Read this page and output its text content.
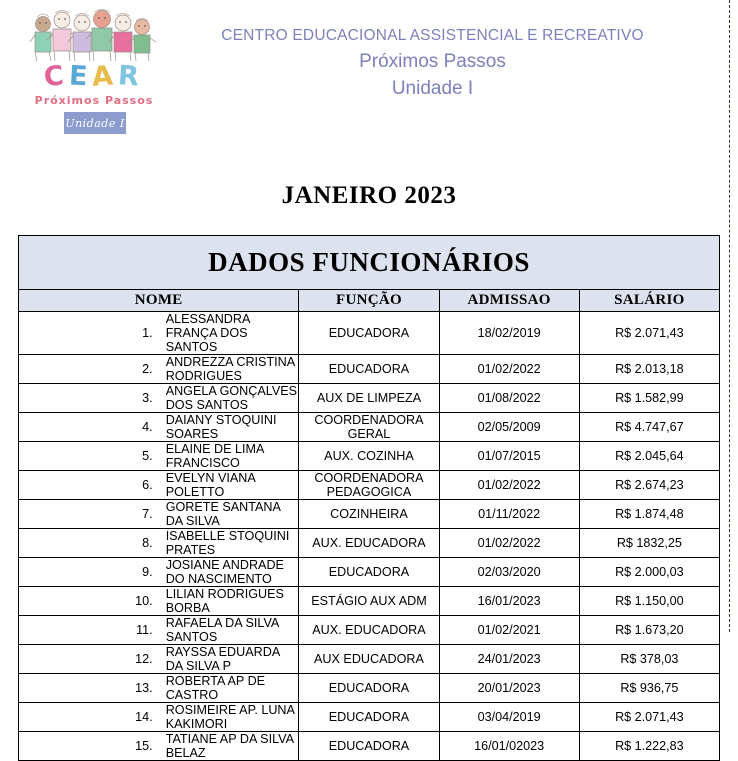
CEAR
Próximos Passos
Unidade I
CENTRO EDUCACIONAL ASSISTENCIAL E RECREATIVO
Próximos Passos
Unidade I
JANEIRO 2023
DADOS FUNCIONÁRIOS				
NOME		FUNÇÃO	ADMISSAO	SALÁRIO
1.	ALESSANDRA FRANÇA DOS SANTOS	EDUCADORA	18/02/2019	R$ 2.071,43
2.	ANDREZZA CRISTINA RODRIGUES	EDUCADORA	01/02/2022	R$ 2.013,18
3.	ANGELA GONÇALVES DOS SANTOS	AUX DE LIMPEZA	01/08/2022	R$ 1.582,99
4.	DAIANY STOQUINI SOARES	COORDENADORA GERAL	02/05/2009	R$ 4.747,67
5.	ELAINE DE LIMA FRANCISCO	AUX. COZINHA	01/07/2015	R$ 2.045,64
6.	EVELYN VIANA POLETTO	COORDENADORA PEDAGOGICA	01/02/2022	R$ 2.674,23
7.	GORETE SANTANA DA SILVA	COZINHEIRA	01/11/2022	R$ 1.874,48
8.	ISABELLE STOQUINI PRATES	AUX. EDUCADORA	01/02/2022	R$ 1832,25
9.	JOSIANE ANDRADE DO NASCIMENTO	EDUCADORA	02/03/2020	R$ 2.000,03
10.	LILIAN RODRIGUES BORBA	ESTÁGIO AUX ADM	16/01/2023	R$ 1.150,00
11.	RAFAELA DA SILVA SANTOS	AUX. EDUCADORA	01/02/2021	R$ 1.673,20
12.	RAYSSA EDUARDA DA SILVA P	AUX EDUCADORA	24/01/2023	R$ 378,03
13.	ROBERTA AP DE CASTRO	EDUCADORA	20/01/2023	R$ 936,75
14.	ROSIMEIRE AP. LUNA KAKIMORI	EDUCADORA	03/04/2019	R$ 2.071,43
15.	TATIANE AP DA SILVA BELAZ	EDUCADORA	16/01/02023	R$ 1.222,83
